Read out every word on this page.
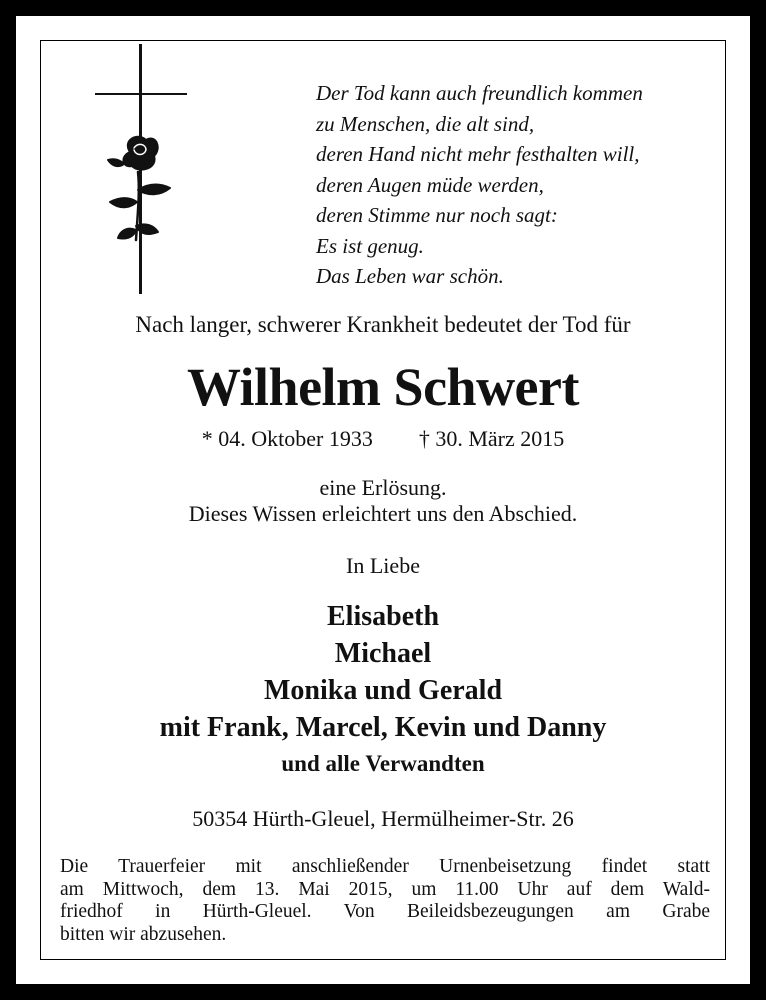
Der Tod kann auch freundlich kommen
zu Menschen, die alt sind,
deren Hand nicht mehr festhalten will,
deren Augen müde werden,
deren Stimme nur noch sagt:
Es ist genug.
Das Leben war schön.
Nach langer, schwerer Krankheit bedeutet der Tod für
Wilhelm Schwert
* 04. Oktober 1933 † 30. März 2015
eine Erlösung.
Dieses Wissen erleichtert uns den Abschied.
In Liebe
Elisabeth
Michael
Monika und Gerald
mit Frank, Marcel, Kevin und Danny
und alle Verwandten
50354 Hürth-Gleuel, Hermülheimer-Str. 26
Die Trauerfeier mit anschließender Urnenbeisetzung findet statt
am Mittwoch, dem 13. Mai 2015, um 11.00 Uhr auf dem Wald-
friedhof in Hürth-Gleuel. Von Beileidsbezeugungen am Grabe
bitten wir abzusehen.
